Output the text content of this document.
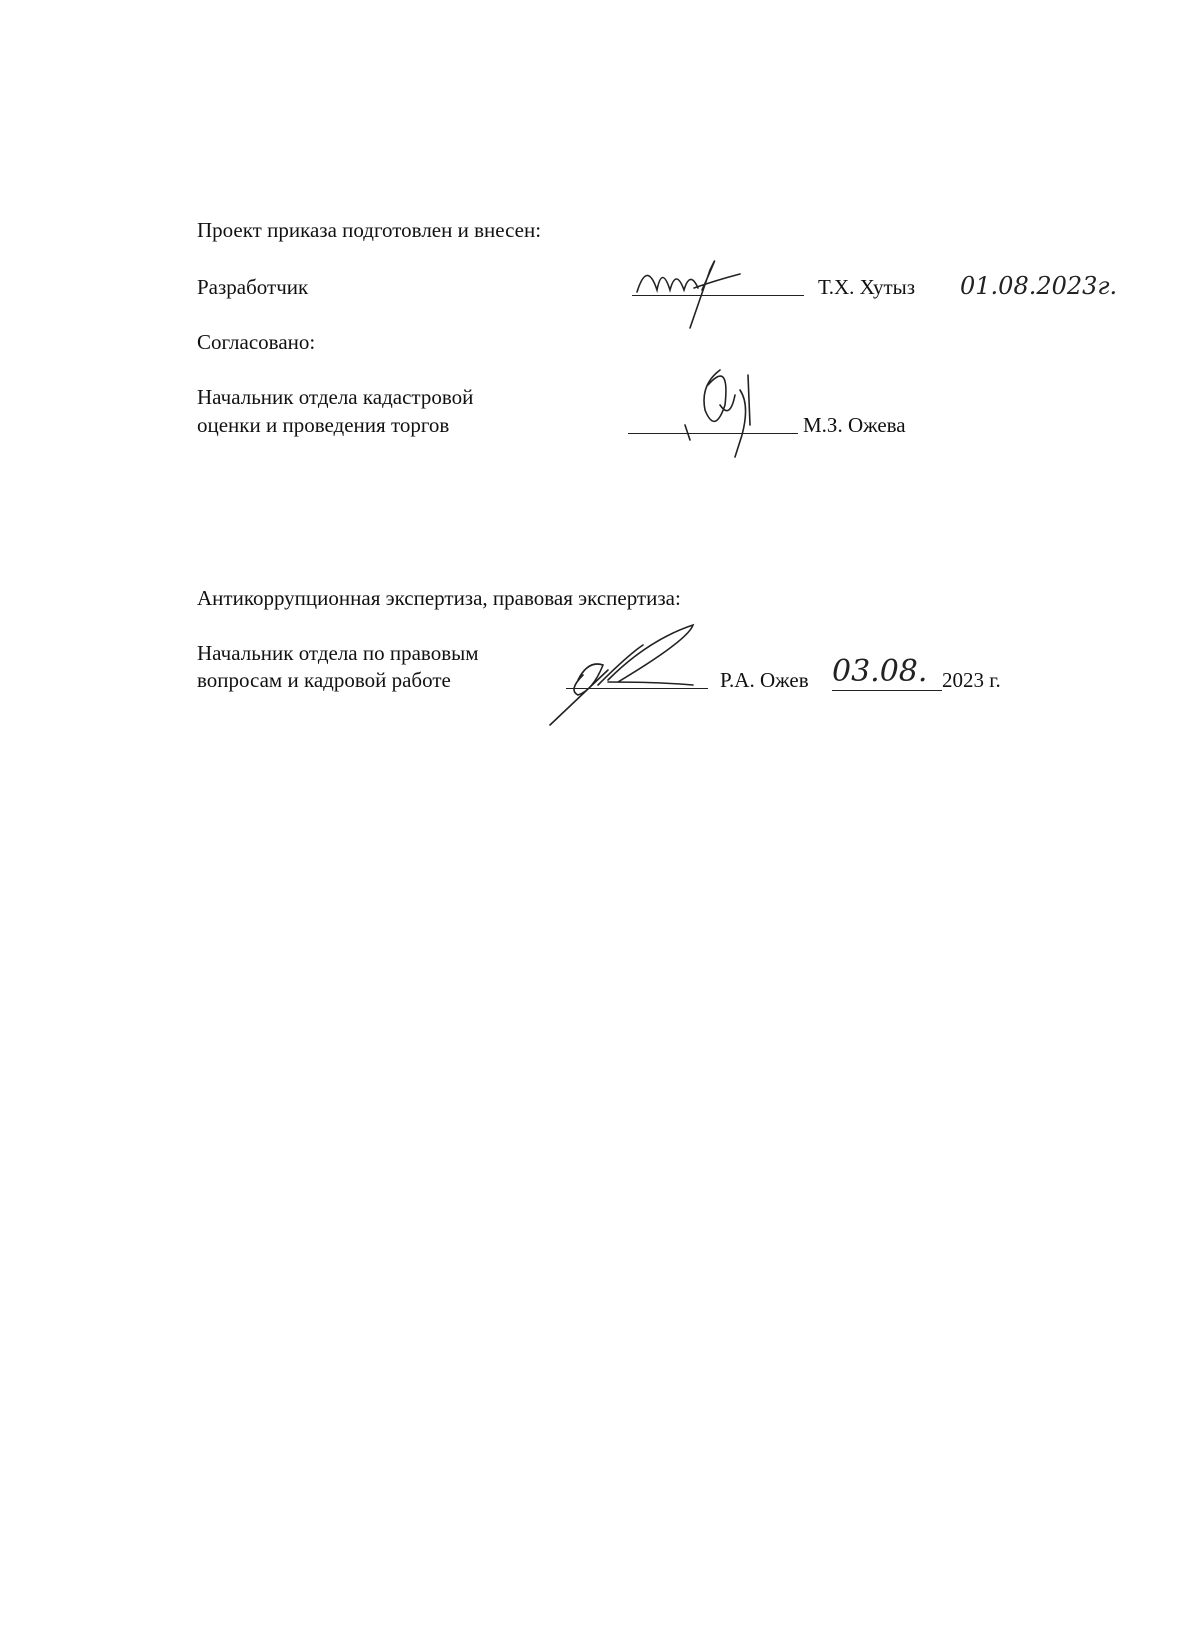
Проект приказа подготовлен и внесен:
Разработчик	Т.Х. Хутыз 01.08.2023г.
Согласовано:
Начальник отдела кадастровой
оценки и проведения торгов	М.З. Ожева
Антикоррупционная экспертиза, правовая экспертиза:
Начальник отдела по правовым
вопросам и кадровой работе	Р.А. Ожев 03.08. 2023 г.
